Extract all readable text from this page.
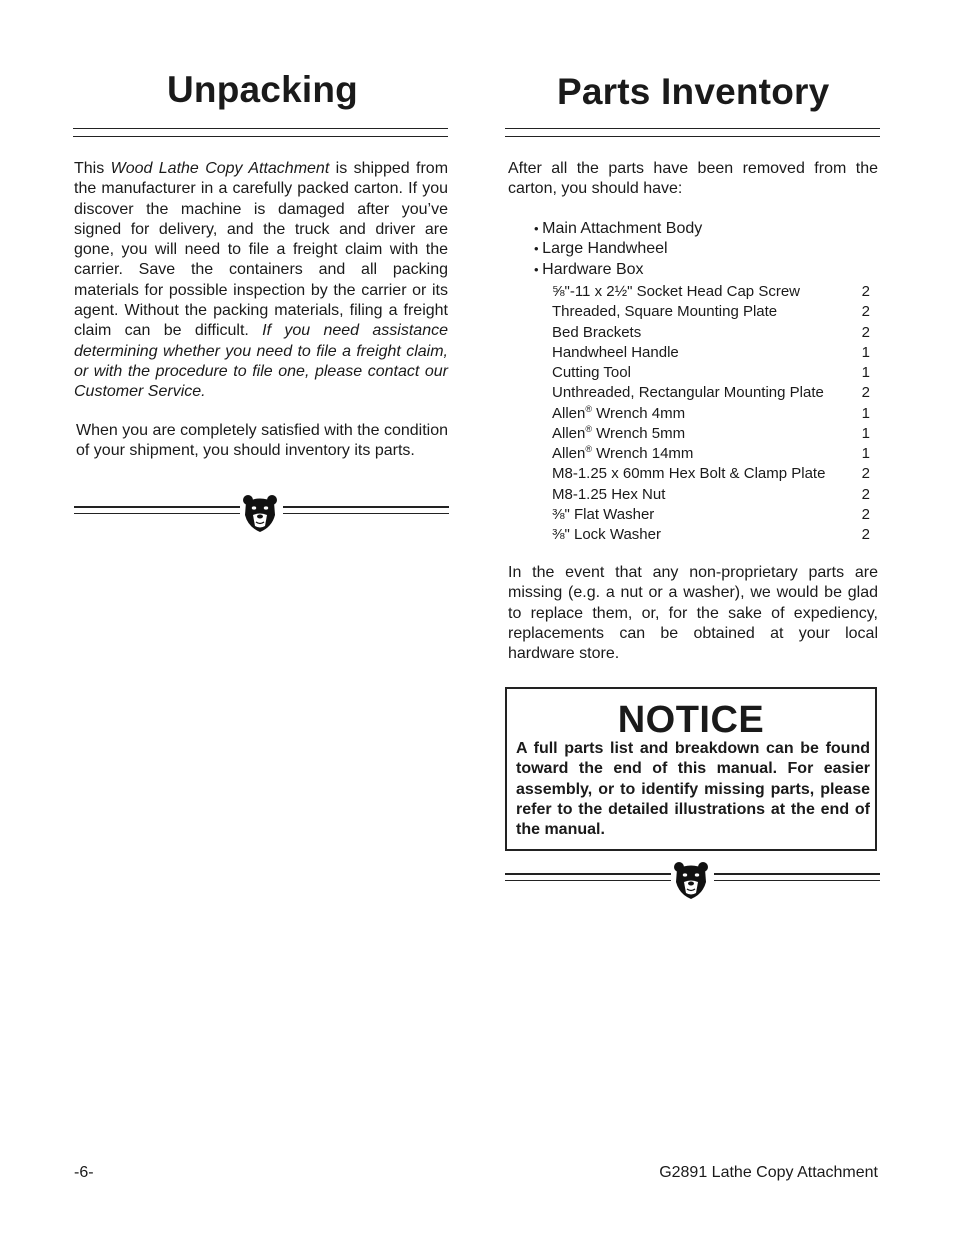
Unpacking

This Wood Lathe Copy Attachment is shipped from the manufacturer in a carefully packed carton. If you discover the machine is damaged after you’ve signed for delivery, and the truck and driver are gone, you will need to file a freight claim with the carrier. Save the containers and all packing materials for possible inspection by the carrier or its agent. Without the packing materials, filing a freight claim can be difficult. If you need assistance determining whether you need to file a freight claim, or with the procedure to file one, please contact our Customer Service.

When you are completely satisfied with the condition of your shipment, you should inventory its parts.

Parts Inventory

After all the parts have been removed from the carton, you should have:

• Main Attachment Body
• Large Handwheel
• Hardware Box
⅝"-11 x 2½" Socket Head Cap Screw	2
Threaded, Square Mounting Plate	2
Bed Brackets	2
Handwheel Handle	1
Cutting Tool	1
Unthreaded, Rectangular Mounting Plate	2
Allen® Wrench 4mm	1
Allen® Wrench 5mm	1
Allen® Wrench 14mm	1
M8-1.25 x 60mm Hex Bolt & Clamp Plate 2
M8-1.25 Hex Nut	2
⅜" Flat Washer	2
⅜" Lock Washer	2

In the event that any non-proprietary parts are missing (e.g. a nut or a washer), we would be glad to replace them, or, for the sake of expediency, replacements can be obtained at your local hardware store.

NOTICE

A full parts list and breakdown can be found toward the end of this manual. For easier assembly, or to identify missing parts, please refer to the detailed illustrations at the end of the manual.

-6-	G2891 Lathe Copy Attachment
